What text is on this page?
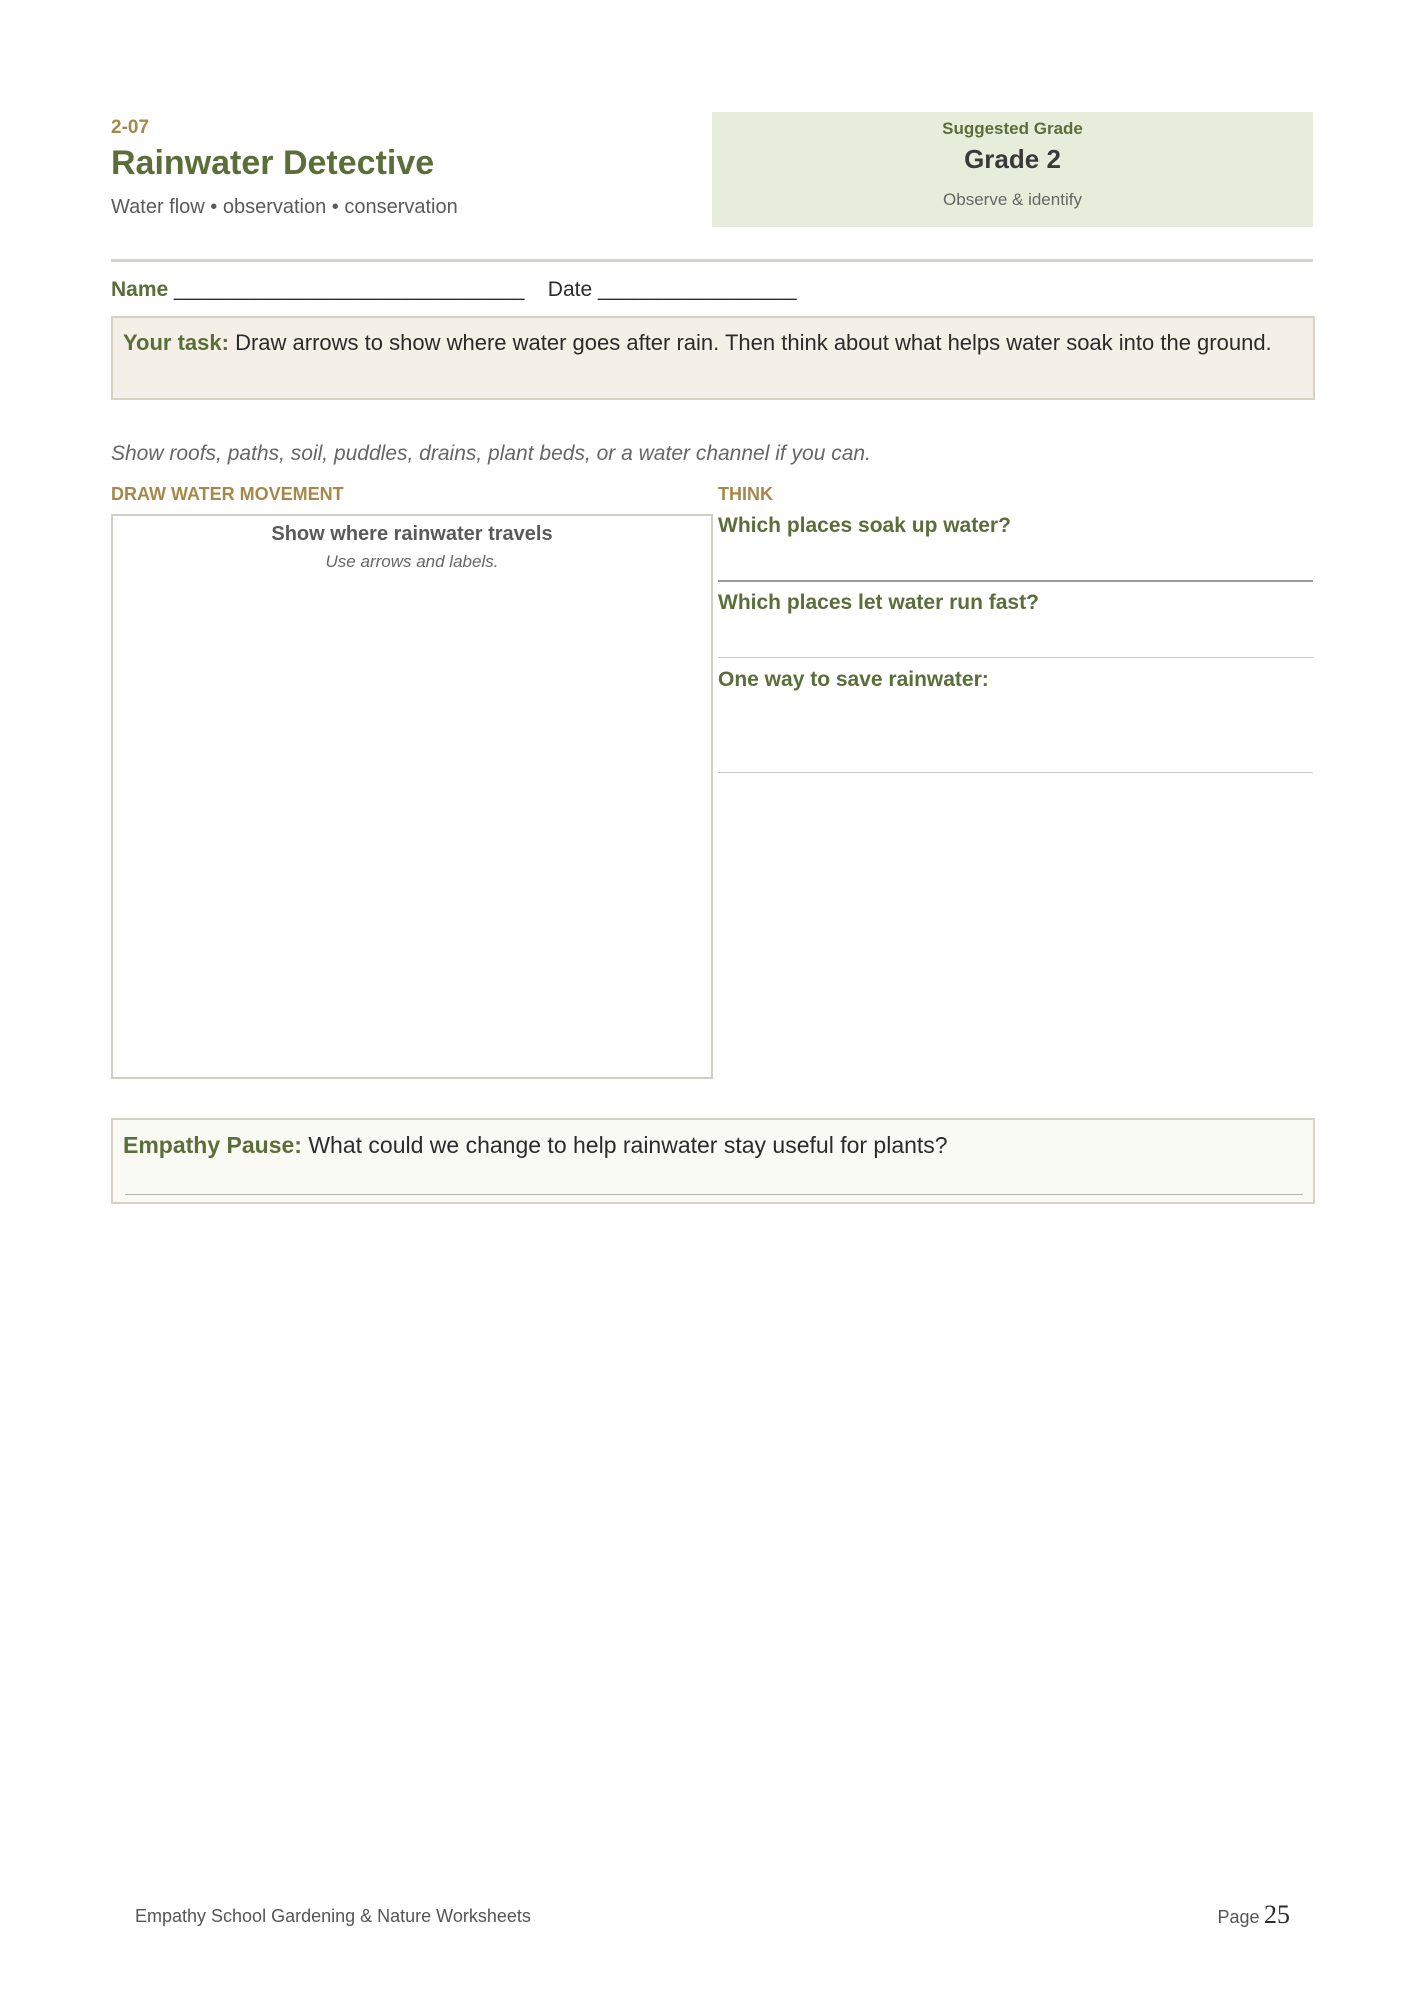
2-07
Rainwater Detective
Water flow • observation • conservation
Suggested Grade
Grade 2
Observe & identify
Name ______________________________ Date _________________
Your task: Draw arrows to show where water goes after rain. Then think about what helps water soak into the ground.
Show roofs, paths, soil, puddles, drains, plant beds, or a water channel if you can.
DRAW WATER MOVEMENT	THINK
Show where rainwater travels
Use arrows and labels.
Which places soak up water?
Which places let water run fast?
One way to save rainwater:
Empathy Pause: What could we change to help rainwater stay useful for plants?
Empathy School Gardening & Nature Worksheets	Page 25
